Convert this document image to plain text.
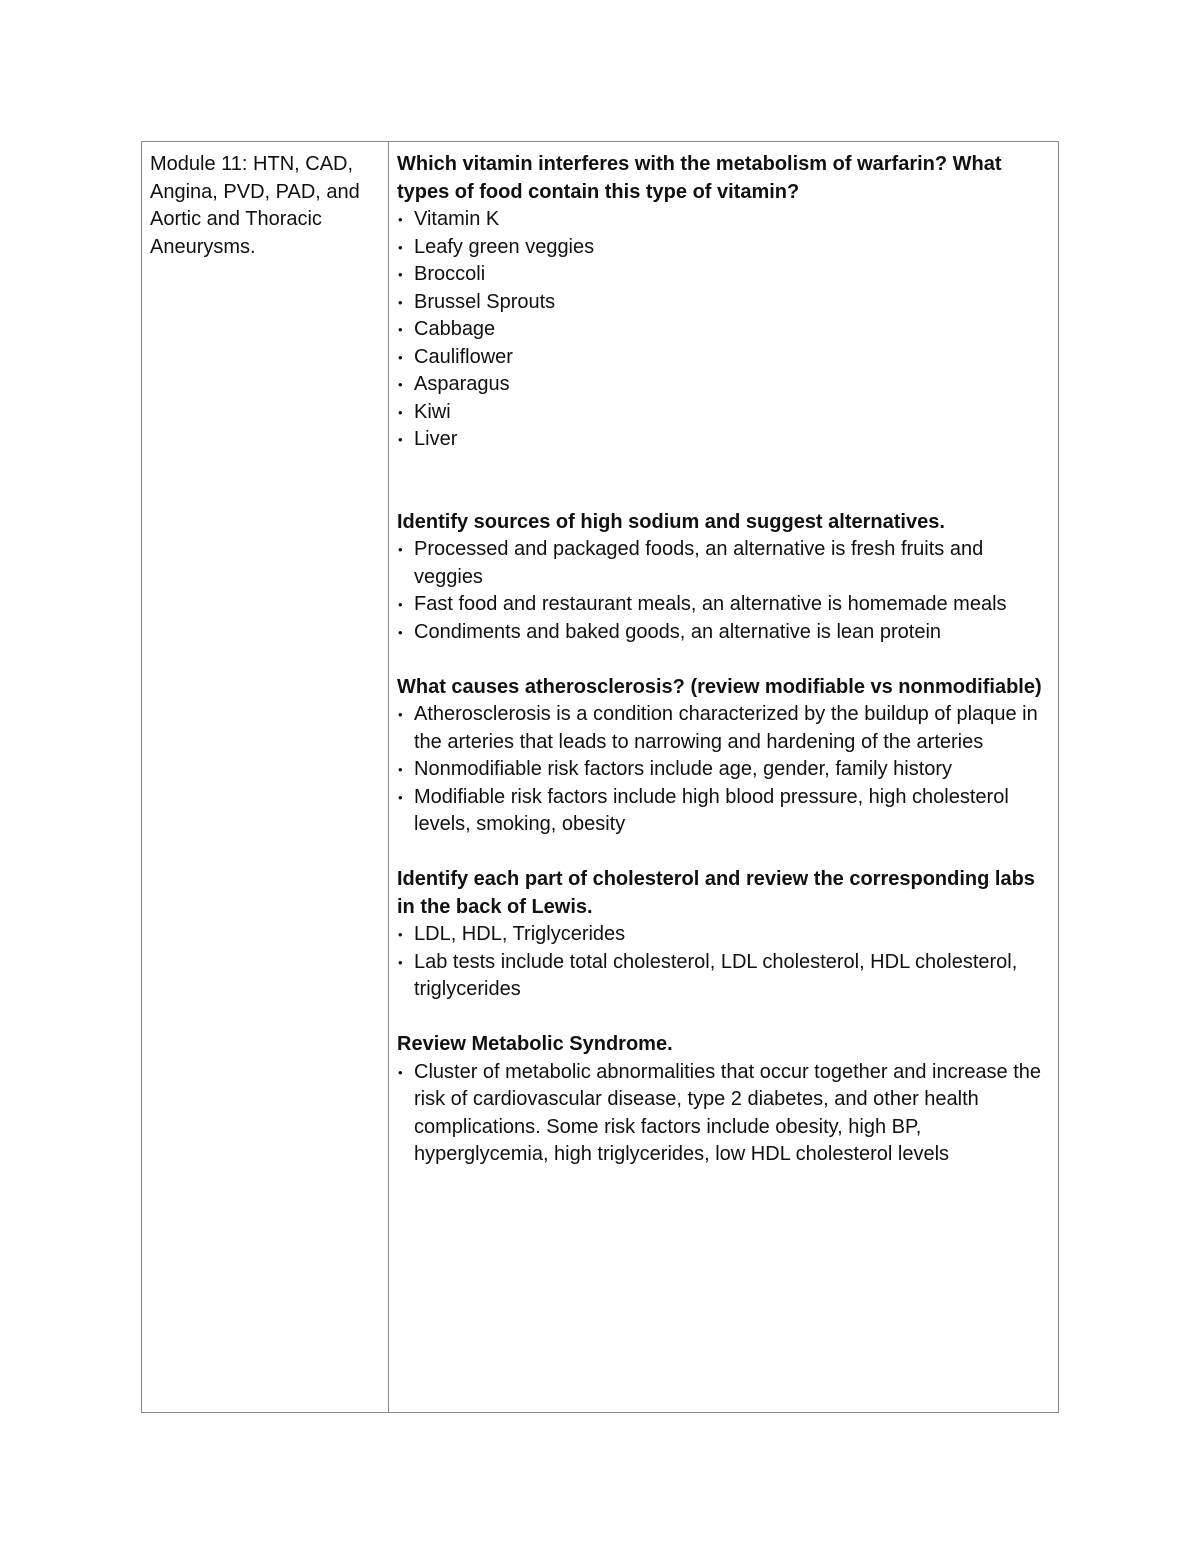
Module 11: HTN, CAD, Angina, PVD, PAD, and Aortic and Thoracic Aneurysms.

Which vitamin interferes with the metabolism of warfarin? What types of food contain this type of vitamin?

• Vitamin K
• Leafy green veggies
• Broccoli
• Brussel Sprouts
• Cabbage
• Cauliflower
• Asparagus
• Kiwi
• Liver

Identify sources of high sodium and suggest alternatives.

• Processed and packaged foods, an alternative is fresh fruits and veggies
• Fast food and restaurant meals, an alternative is homemade meals
• Condiments and baked goods, an alternative is lean protein

What causes atherosclerosis? (review modifiable vs nonmodifiable)

• Atherosclerosis is a condition characterized by the buildup of plaque in the arteries that leads to narrowing and hardening of the arteries
• Nonmodifiable risk factors include age, gender, family history
• Modifiable risk factors include high blood pressure, high cholesterol levels, smoking, obesity

Identify each part of cholesterol and review the corresponding labs in the back of Lewis.

• LDL, HDL, Triglycerides
• Lab tests include total cholesterol, LDL cholesterol, HDL cholesterol, triglycerides

Review Metabolic Syndrome.

• Cluster of metabolic abnormalities that occur together and increase the risk of cardiovascular disease, type 2 diabetes, and other health complications. Some risk factors include obesity, high BP, hyperglycemia, high triglycerides, low HDL cholesterol levels
